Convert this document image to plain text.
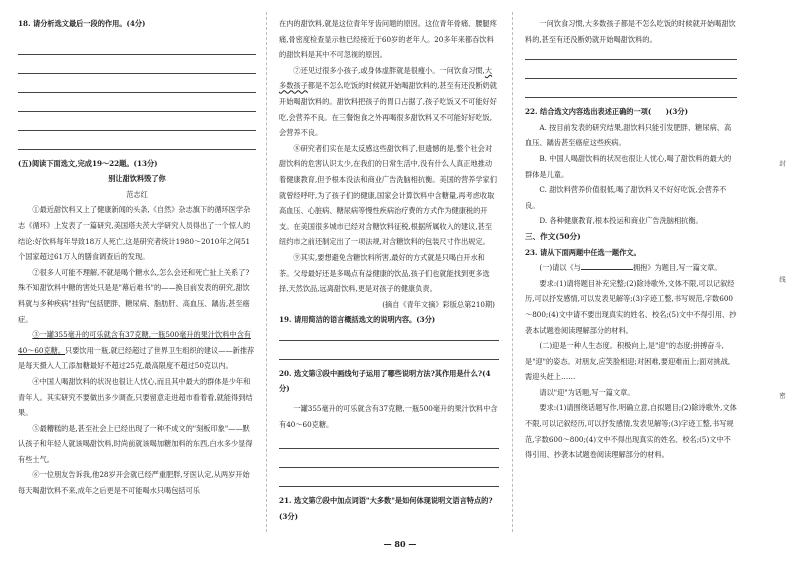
18. 请分析选文最后一段的作用。(4分)

(五)阅读下面选文,完成19～22题。(13分)

别让甜饮料毁了你

范志红

①最近甜饮料又上了健康新闻的头条,《自然》杂志旗下的循环医学杂志《循环》上发表了一篇研究,美国塔夫茨大学研究人员得出了一个惊人的结论:好饮料每年导致18万人死亡,这是研究者统计1980～2010年之间51个国家超过61万人的膳食调查后的发现。

②很多人可能不理解,不就是喝个糖水么,怎么会还和死亡扯上关系了?殊不知甜饮料中糖的害处只是是"幕后难书"的——换目前发表的研究,甜饮料就与多种疾病"挂钩"包括肥胖、糖尿病、脂肪肝、高血压、龋齿,甚至癌症。

③一罐355毫升的可乐就含有37克糖,一瓶500毫升的果汁饮料中含有40～60克糖。只要饮用一瓶,就已经超过了世界卫生组织的建议——新推荐是每天摄入人工添加糖最好不超过25克,最高限度不超过50克以内。

④中国人喝甜饮料的状况也很让人忧心,而且其中最大的群体是少年和青年人。其实研究不要做出多少调查,只要留意走进超市看着看,就能得到结果。

⑤最糟糕的是,甚至社会上已经出现了一种不成文的"刻板印象"——默认孩子和年轻人就该喝甜饮料,时尚前就该喝加糖加料的东西,白水多少显得有些土气。

⑥一位朋友告诉我,他28岁开会就已经严重肥胖,牙医认定,从两岁开始每天喝甜饮料不来,成年之后更是不可能喝水只喝包括可乐

在内的甜饮料,就是这位青年牙齿问题的原因。这位青年骨痛、腰腿疼痛,骨密度检查显示他已经接近于60岁的老年人。20多年来都吞饮料的甜饮料是其中不可忽视的原因。

⑦还见过很多小孩子,或身体虚胖就是很瘦小。一问饮食习惯,大多数孩子都是不怎么吃饭的时候就开始喝甜饮料的,甚至有还没断奶就开始喝甜饮料的。甜饮料把孩子的胃口占据了,孩子吃饭又不可能好好吃,会营养不良。在三餐饱食之外再喝很多甜饮料又不可能好好吃饭,会营养不良。

⑧研究者们实在是太反感这些甜饮料了,但遗憾的是,整个社会对甜饮料的危害认识太少,在我们的日常生活中,没有什么人真正地推动着健康教育,但予根本没法和商业广告洗脑相抗衡。美国的营养学家们就曾经呼吁,为了孩子们的健康,国家会计算饮料中含糖量,再考虑收取高血压、心脏病、糖尿病等慢性疾病治疗费的方式作为健康税的开支。在美国很多城市已经对含糖饮料征税,根据所属收入的建议,甚至纽约市之前还制定出了一项法规,对含糖饮料的包装尺寸作出规定。

⑨其实,要想避免含糖饮料所害,最好的方式就是只喝白开水和茶。父母最好还是多喝点有益健康的饮品,孩子们也就能找到更多选择,天然饮品,远离甜饮料,更是对孩子的健康负责。

(摘自《青年文摘》彩版总第210期)

19. 请用简洁的语言概括选文的说明内容。(3分)

20. 选文第③段中画线句子运用了哪些说明方法?其作用是什么?(4分)

一罐355毫升的可乐就含有37克糖,一瓶500毫升的果汁饮料中含有40～60克糖。

21. 选文第⑦段中加点词语"大多数"是如何体现说明文语言特点的?(3分)

一问饮食习惯,大多数孩子都是不怎么吃饭的时候就开始喝甜饮料的,甚至有还没断奶就开始喝甜饮料的。

22. 结合选文内容选出表述正确的一项(　　)(3分)

A. 按目前发表的研究结果,甜饮料只能引发肥胖、糖尿病、高血压、龋齿甚至癌症这些疾病。

B. 中国人喝甜饮料的状况也很让人忧心,喝了甜饮料的最大的群体是儿童。

C. 甜饮料营养价值很低,喝了甜饮料又不好好吃饭,会营养不良。

D. 各种健康教育,根本投运和商业广告洗脑相抗衡。

三、作文(50分)

23. 请从下面两题中任选一题作文。

(一)请以《与	拥抱》为题目,写一篇文章。

要求:(1)请将题目补充完整;(2)除诗歌外,文体不限,可以记叙经历,可以抒发感情,可以发表见解等;(3)字迹工整,书写规范,字数600～800;(4)文中请不要出现真实的姓名、校名;(5)文中不得引用、抄袭本试题卷阅读理解部分的材料。

(二)迎是一种人生态度。积极向上,是"迎"的态度;拼搏奋斗,是"迎"的姿态。对朋友,应笑脸相迎;对困难,要迎难而上;面对挑战,需迎头赶上……

请以"迎"为话题,写一篇文章。

要求:(1)请围绕话题写作,明确立意,自拟题目;(2)除诗歌外,文体不限,可以记叙经历,可以抒发感情,发表见解等;(3)字迹工整,书写规范,字数600～800;(4)文中不得出现真实的姓名、校名;(5)文中不得引用、抄袭本试题卷阅读理解部分的材料。

封
线
密
— 80 —
